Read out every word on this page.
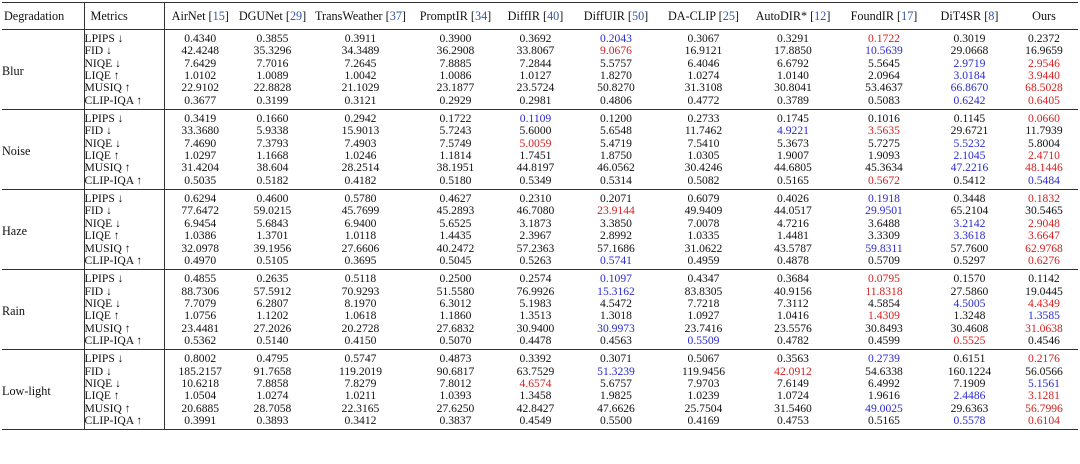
Degradation	Metrics	AirNet [15]	DGUNet [29]	TransWeather [37]	PromptIR [34]	DiffIR [40]	DiffUIR [50]	DA-CLIP [25]	AutoDIR* [12]	FoundIR [17]	DiT4SR [8]	Ours
Blur	LPIPS ↓	0.4340	0.3855	0.3911	0.3900	0.3692	0.2043	0.3067	0.3291	0.1722	0.3019	0.2372
	FID ↓	42.4248	35.3296	34.3489	36.2908	33.8067	9.0676	16.9121	17.8850	10.5639	29.0668	16.9659
	NIQE ↓	7.6429	7.7016	7.2645	7.8885	7.2844	5.5757	6.4046	6.6792	5.5645	2.9719	2.9546
	LIQE ↑	1.0102	1.0089	1.0042	1.0086	1.0127	1.8270	1.0274	1.0140	2.0964	3.0184	3.9440
	MUSIQ ↑	22.9102	22.8828	21.1029	23.1877	23.5724	50.8270	31.3108	30.8041	53.4637	66.8670	68.5028
	CLIP-IQA ↑	0.3677	0.3199	0.3121	0.2929	0.2981	0.4806	0.4772	0.3789	0.5083	0.6242	0.6405
Noise	LPIPS ↓	0.3419	0.1660	0.2942	0.1722	0.1109	0.1200	0.2733	0.1745	0.1016	0.1145	0.0660
	FID ↓	33.3680	5.9338	15.9013	5.7243	5.6000	5.6548	11.7462	4.9221	3.5635	29.6721	11.7939
	NIQE ↓	7.4690	7.3793	7.4903	7.5749	5.0059	5.4719	7.5410	5.3673	5.7275	5.5232	5.8004
	LIQE ↑	1.0297	1.1668	1.0246	1.1814	1.7451	1.8750	1.0305	1.9007	1.9093	2.1045	2.4710
	MUSIQ ↑	31.4204	38.604	28.2514	38.1951	44.8197	46.0562	30.4246	44.6805	45.3634	47.2216	48.1446
	CLIP-IQA ↑	0.5035	0.5182	0.4182	0.5180	0.5349	0.5314	0.5082	0.5165	0.5672	0.5412	0.5484
Haze	LPIPS ↓	0.6294	0.4600	0.5780	0.4627	0.2310	0.2071	0.6079	0.4026	0.1918	0.3448	0.1832
	FID ↓	77.6472	59.0215	45.7699	45.2893	46.7080	23.9144	49.9409	44.0517	29.9501	65.2104	30.5465
	NIQE ↓	6.9454	5.6843	6.9400	5.6525	3.1873	3.3850	7.0078	4.7216	3.6488	3.2142	2.9048
	LIQE ↑	1.0386	1.3701	1.0118	1.4435	2.3967	2.8992	1.0335	1.4481	3.3309	3.3618	3.6647
	MUSIQ ↑	32.0978	39.1956	27.6606	40.2472	57.2363	57.1686	31.0622	43.5787	59.8311	57.7600	62.9768
	CLIP-IQA ↑	0.4970	0.5105	0.3695	0.5045	0.5263	0.5741	0.4959	0.4878	0.5709	0.5297	0.6276
Rain	LPIPS ↓	0.4855	0.2635	0.5118	0.2500	0.2574	0.1097	0.4347	0.3684	0.0795	0.1570	0.1142
	FID ↓	88.7306	57.5912	70.9293	51.5580	76.9926	15.3162	83.8305	40.9156	11.8318	27.5860	19.0445
	NIQE ↓	7.7079	6.2807	8.1970	6.3012	5.1983	4.5472	7.7218	7.3112	4.5854	4.5005	4.4349
	LIQE ↑	1.0756	1.1202	1.0618	1.1860	1.3513	1.3018	1.0927	1.0416	1.4309	1.3248	1.3585
	MUSIQ ↑	23.4481	27.2026	20.2728	27.6832	30.9400	30.9973	23.7416	23.5576	30.8493	30.4608	31.0638
	CLIP-IQA ↑	0.5362	0.5140	0.4150	0.5070	0.4478	0.4563	0.5509	0.4782	0.4599	0.5525	0.4546
Low-light	LPIPS ↓	0.8002	0.4795	0.5747	0.4873	0.3392	0.3071	0.5067	0.3563	0.2739	0.6151	0.2176
	FID ↓	185.2157	91.7658	119.2019	90.6817	63.7529	51.3239	119.9456	42.0912	54.6338	160.1224	56.0566
	NIQE ↓	10.6218	7.8858	7.8279	7.8012	4.6574	5.6757	7.9703	7.6149	6.4992	7.1909	5.1561
	LIQE ↑	1.0504	1.0274	1.0211	1.0393	1.3458	1.9825	1.0239	1.0724	1.9616	2.4486	3.1281
	MUSIQ ↑	20.6885	28.7058	22.3165	27.6250	42.8427	47.6626	25.7504	31.5460	49.0025	29.6363	56.7996
	CLIP-IQA ↑	0.3991	0.3893	0.3412	0.3837	0.4549	0.5500	0.4169	0.4753	0.5165	0.5578	0.6104
